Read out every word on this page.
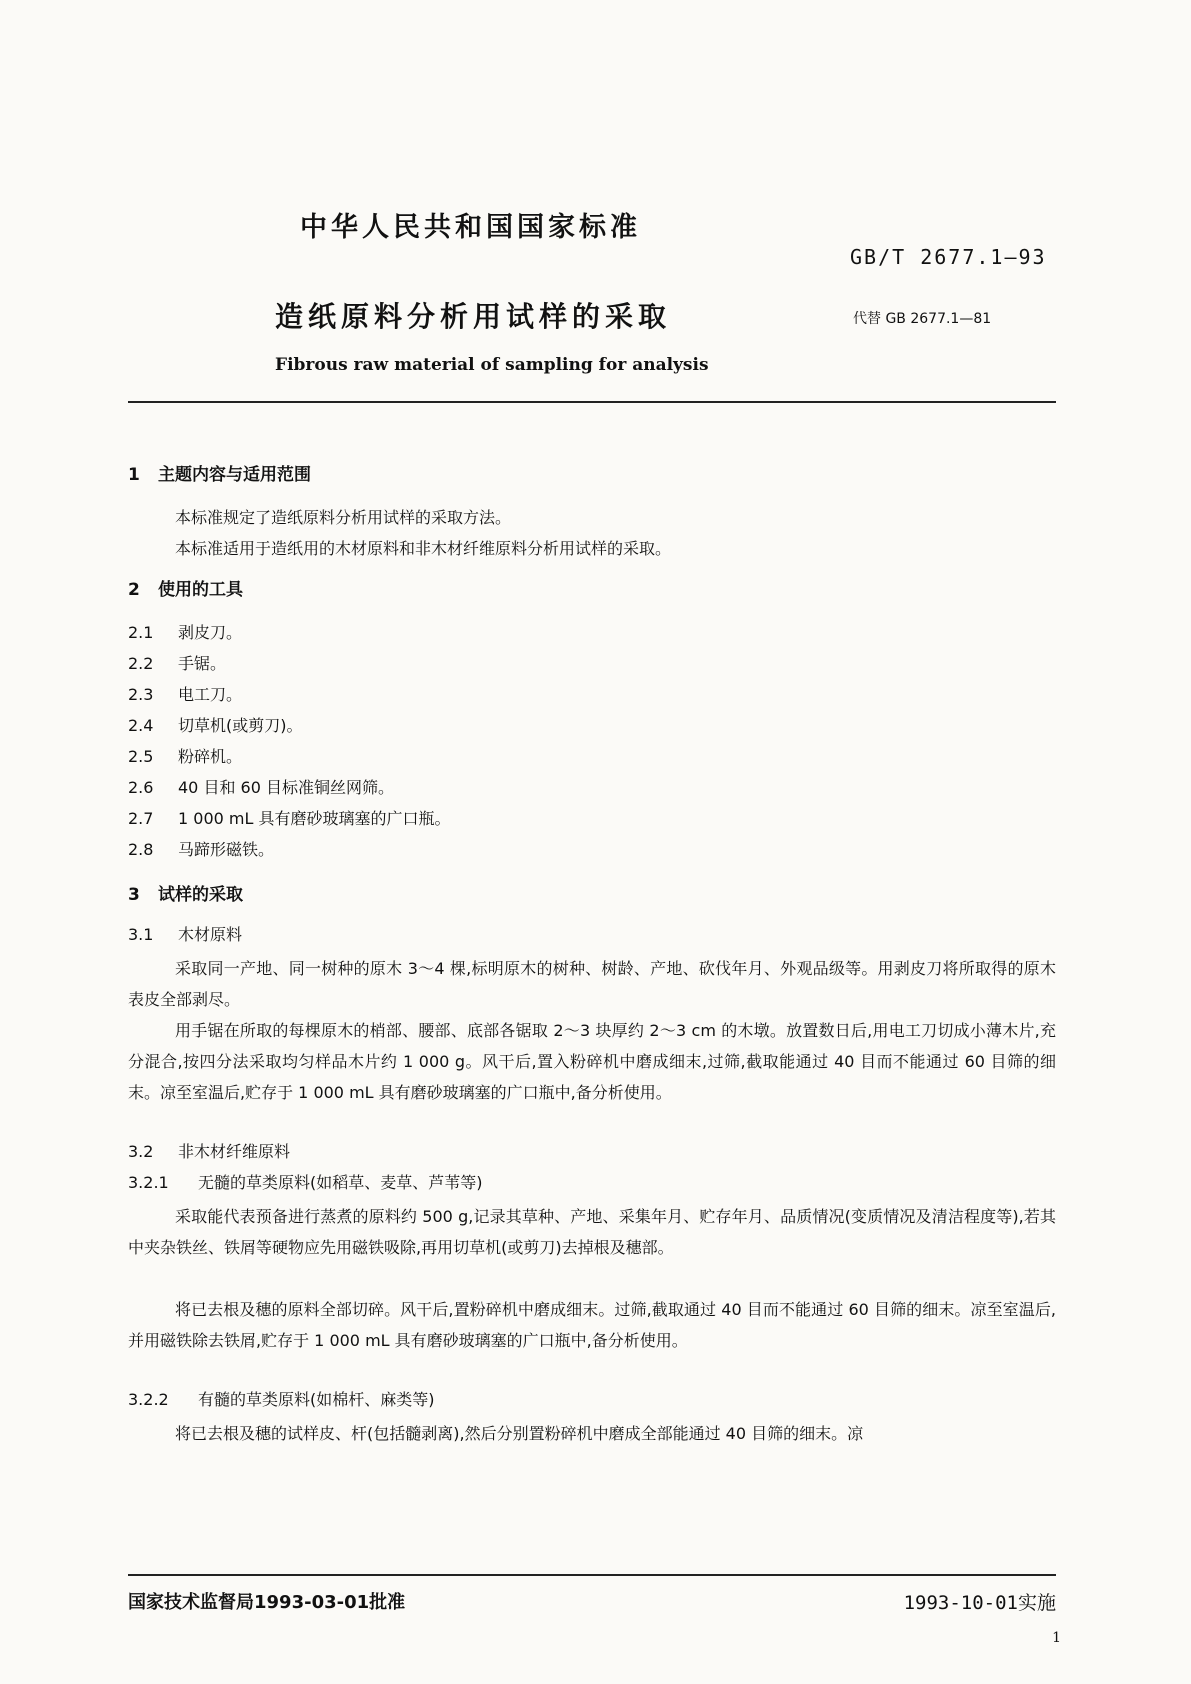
中华人民共和国国家标准
GB/T 2677.1—93
造纸原料分析用试样的采取	代替 GB 2677.1—81
Fibrous raw material of sampling for analysis
1 主题内容与适用范围
本标准规定了造纸原料分析用试样的采取方法。
本标准适用于造纸用的木材原料和非木材纤维原料分析用试样的采取。
2 使用的工具
2.1 剥皮刀。
2.2 手锯。
2.3 电工刀。
2.4 切草机(或剪刀)。
2.5 粉碎机。
2.6 40 目和 60 目标准铜丝网筛。
2.7 1 000 mL 具有磨砂玻璃塞的广口瓶。
2.8 马蹄形磁铁。
3 试样的采取
3.1 木材原料
采取同一产地、同一树种的原木 3～4 棵,标明原木的树种、树龄、产地、砍伐年月、外观品级等。用剥皮刀将所取得的原木表皮全部剥尽。
用手锯在所取的每棵原木的梢部、腰部、底部各锯取 2～3 块厚约 2～3 cm 的木墩。放置数日后,用电工刀切成小薄木片,充分混合,按四分法采取均匀样品木片约 1 000 g。风干后,置入粉碎机中磨成细末,过筛,截取能通过 40 目而不能通过 60 目筛的细末。凉至室温后,贮存于 1 000 mL 具有磨砂玻璃塞的广口瓶中,备分析使用。
3.2 非木材纤维原料
3.2.1 无髓的草类原料(如稻草、麦草、芦苇等)
采取能代表预备进行蒸煮的原料约 500 g,记录其草种、产地、采集年月、贮存年月、品质情况(变质情况及清洁程度等),若其中夹杂铁丝、铁屑等硬物应先用磁铁吸除,再用切草机(或剪刀)去掉根及穗部。
将已去根及穗的原料全部切碎。风干后,置粉碎机中磨成细末。过筛,截取通过 40 目而不能通过 60 目筛的细末。凉至室温后,并用磁铁除去铁屑,贮存于 1 000 mL 具有磨砂玻璃塞的广口瓶中,备分析使用。
3.2.2 有髓的草类原料(如棉杆、麻类等)
将已去根及穗的试样皮、杆(包括髓剥离),然后分别置粉碎机中磨成全部能通过 40 目筛的细末。凉
国家技术监督局1993-03-01批准	1993-10-01实施
1
